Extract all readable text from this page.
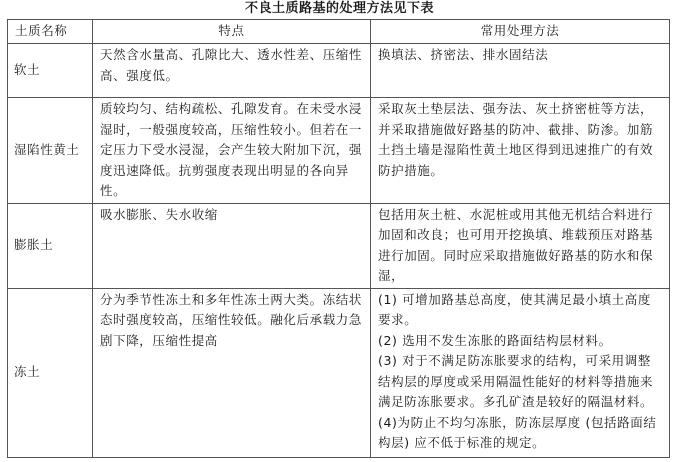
不良土质路基的处理方法见下表
土质名称	特点	常用处理方法
软土	天然含水量高、孔隙比大、透水性差、压缩性高、强度低。	换填法、挤密法、排水固结法

湿陷性黄土	质较均匀、结构疏松、孔隙发育。在未受水浸湿时，一般强度较高，压缩性较小。但若在一定压力下受水浸湿，会产生较大附加下沉，强度迅速降低。抗剪强度表现出明显的各向异性。	采取灰土垫层法、强夯法、灰土挤密桩等方法，并采取措施做好路基的防冲、截排、防渗。加筋土挡土墙是湿陷性黄土地区得到迅速推广的有效防护措施。

膨胀土	吸水膨胀、失水收缩	包括用灰土桩、水泥桩或用其他无机结合料进行加固和改良；也可用开挖换填、堆载预压对路基进行加固。同时应采取措施做好路基的防水和保湿，

冻土	分为季节性冻土和多年性冻土两大类。冻结状态时强度较高，压缩性较低。融化后承载力急剧下降，压缩性提高	(1) 可增加路基总高度，使其满足最小填土高度要求。
(2) 选用不发生冻胀的路面结构层材料。
(3) 对于不满足防冻胀要求的结构，可采用调整结构层的厚度或采用隔温性能好的材料等措施来满足防冻胀要求。多孔矿渣是较好的隔温材料。
(4)为防止不均匀冻胀，防冻层厚度 (包括路面结构层) 应不低于标准的规定。
